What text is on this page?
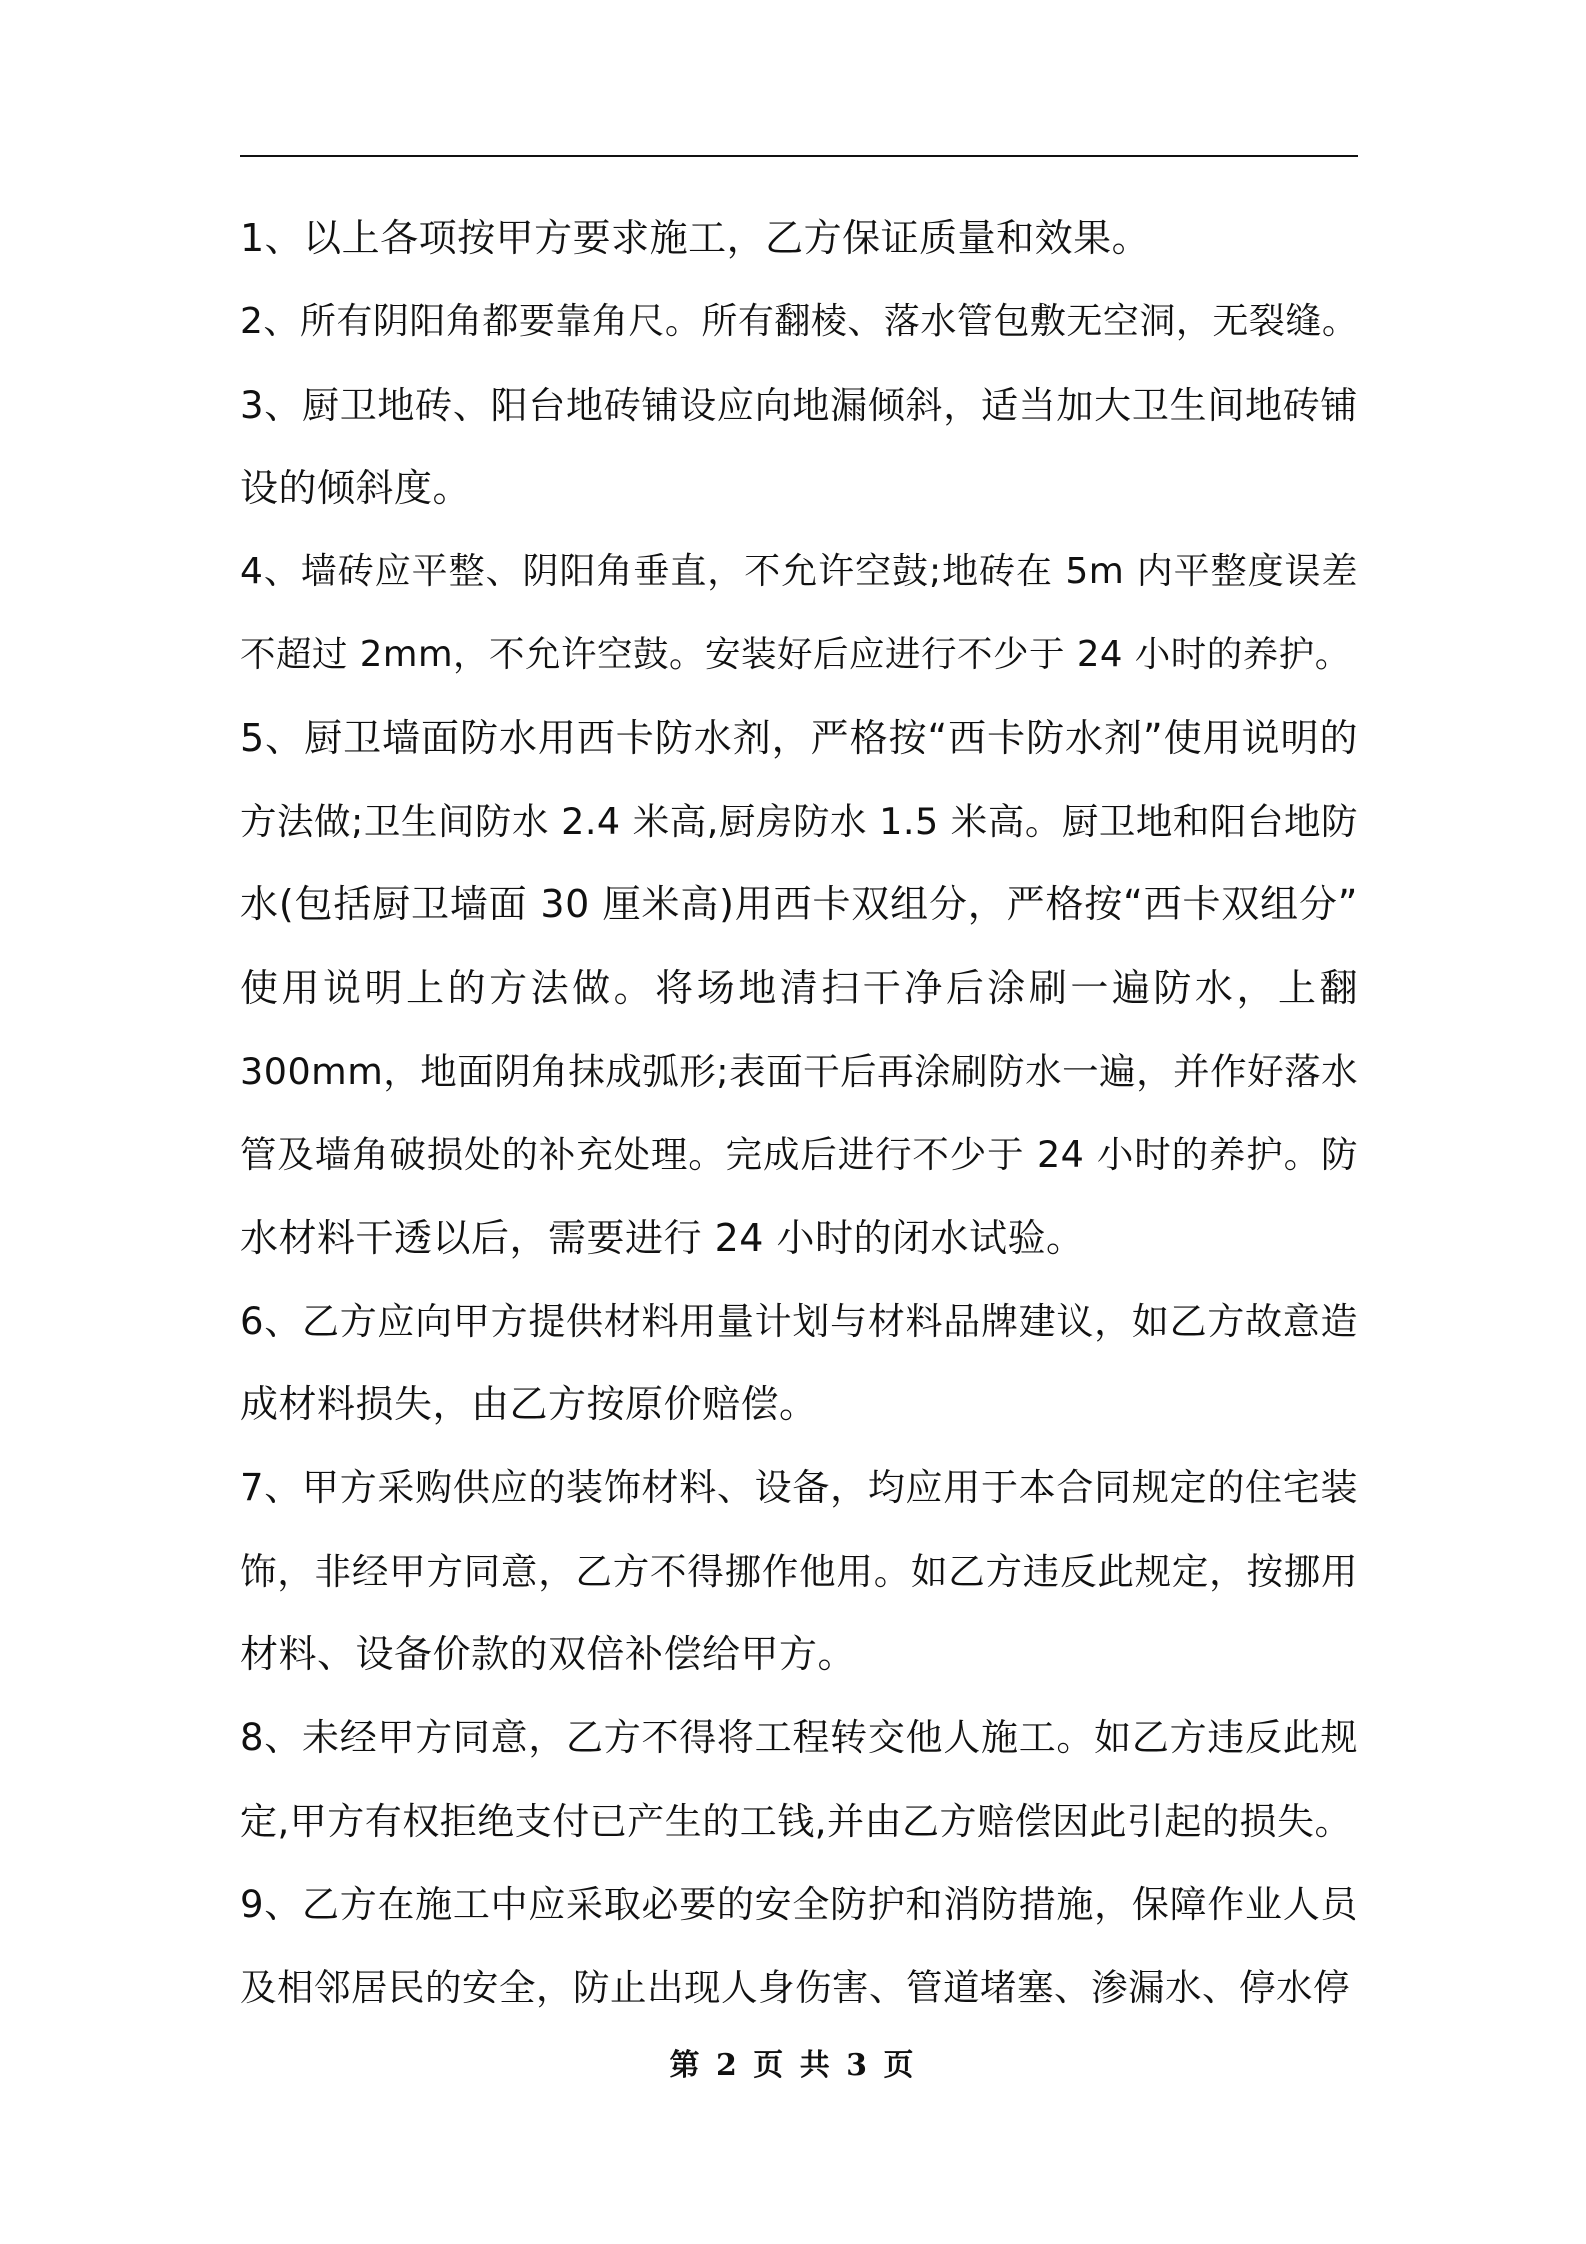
1、以上各项按甲方要求施工，乙方保证质量和效果。

2、所有阴阳角都要靠角尺。所有翻棱、落水管包敷无空洞，无裂缝。

3、厨卫地砖、阳台地砖铺设应向地漏倾斜，适当加大卫生间地砖铺
设的倾斜度。

4、墙砖应平整、阴阳角垂直，不允许空鼓;地砖在 5m 内平整度误差
不超过 2mm，不允许空鼓。安装好后应进行不少于 24 小时的养护。

5、厨卫墙面防水用西卡防水剂，严格按“西卡防水剂”使用说明的
方法做;卫生间防水 2.4 米高,厨房防水 1.5 米高。厨卫地和阳台地防
水(包括厨卫墙面 30 厘米高)用西卡双组分，严格按“西卡双组分”
使用说明上的方法做。将场地清扫干净后涂刷一遍防水，上翻
300mm，地面阴角抹成弧形;表面干后再涂刷防水一遍，并作好落水
管及墙角破损处的补充处理。完成后进行不少于 24 小时的养护。防
水材料干透以后，需要进行 24 小时的闭水试验。

6、乙方应向甲方提供材料用量计划与材料品牌建议，如乙方故意造
成材料损失，由乙方按原价赔偿。

7、甲方采购供应的装饰材料、设备，均应用于本合同规定的住宅装
饰，非经甲方同意，乙方不得挪作他用。如乙方违反此规定，按挪用
材料、设备价款的双倍补偿给甲方。

8、未经甲方同意，乙方不得将工程转交他人施工。如乙方违反此规
定,甲方有权拒绝支付已产生的工钱,并由乙方赔偿因此引起的损失。

9、乙方在施工中应采取必要的安全防护和消防措施，保障作业人员
及相邻居民的安全，防止出现人身伤害、管道堵塞、渗漏水、停水停

第 2 页 共 3 页
